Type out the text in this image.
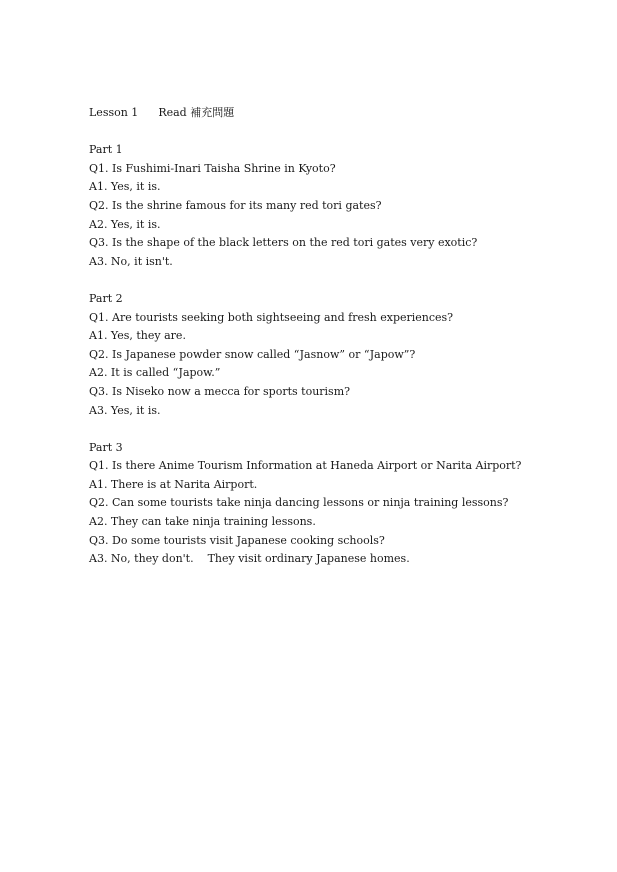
Lesson 1 Read 補充問題
Part 1
Q1. Is Fushimi-Inari Taisha Shrine in Kyoto?
A1. Yes, it is.
Q2. Is the shrine famous for its many red tori gates?
A2. Yes, it is.
Q3. Is the shape of the black letters on the red tori gates very exotic?
A3. No, it isn't.
Part 2
Q1. Are tourists seeking both sightseeing and fresh experiences?
A1. Yes, they are.
Q2. Is Japanese powder snow called “Jasnow” or “Japow”?
A2. It is called “Japow.”
Q3. Is Niseko now a mecca for sports tourism?
A3. Yes, it is.
Part 3
Q1. Is there Anime Tourism Information at Haneda Airport or Narita Airport?
A1. There is at Narita Airport.
Q2. Can some tourists take ninja dancing lessons or ninja training lessons?
A2. They can take ninja training lessons.
Q3. Do some tourists visit Japanese cooking schools?
A3. No, they don't.    They visit ordinary Japanese homes.
